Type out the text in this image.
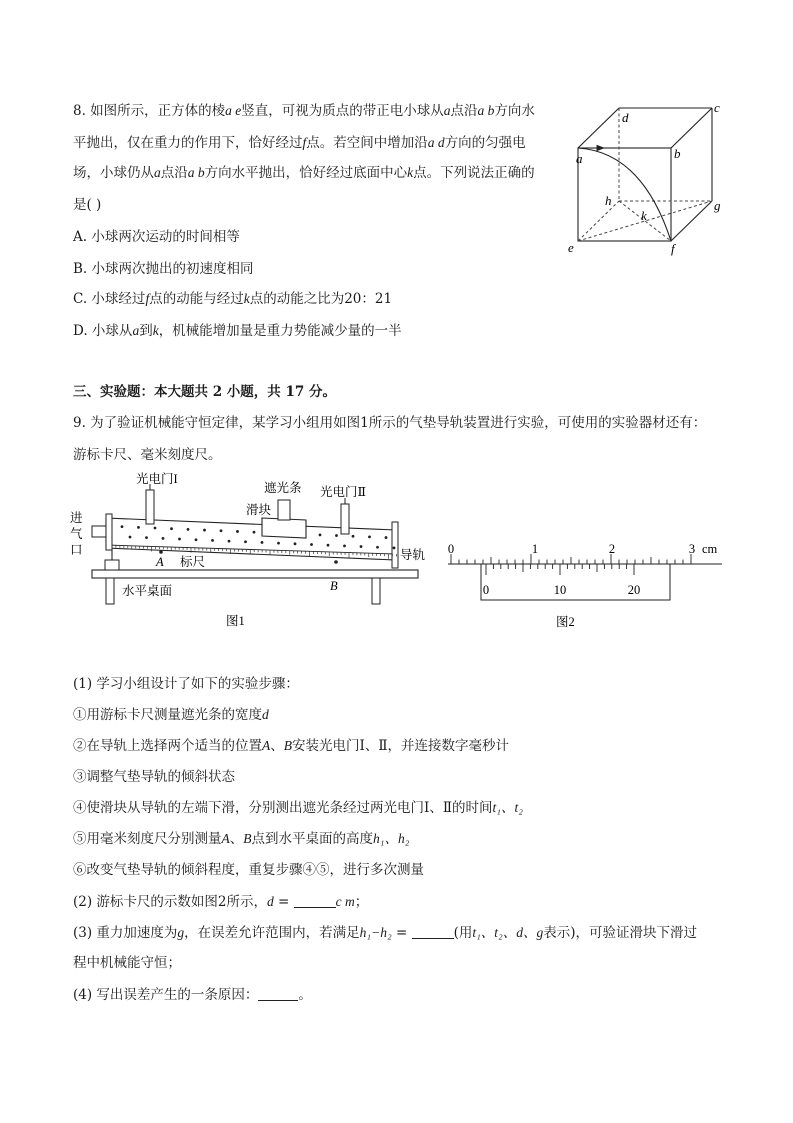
8. 如图所示，正方体的棱a e竖直，可视为质点的带正电小球从a点沿a b方向水
平抛出，仅在重力的作用下，恰好经过f点。若空间中增加沿a d方向的匀强电
场，小球仍从a点沿a b方向水平抛出，恰好经过底面中心k点。下列说法正确的
是( )
A. 小球两次运动的时间相等
B. 小球两次抛出的初速度相同
C. 小球经过f点的动能与经过k点的动能之比为20：21
D. 小球从a到k，机械能增加量是重力势能减少量的一半
c
d
a	b
h
k
g
e	f
三、实验题：本大题共 2 小题，共 17 分。
9. 为了验证机械能守恒定律，某学习小组用如图1所示的气垫导轨装置进行实验，可使用的实验器材还有：
游标卡尺、毫米刻度尺。
光电门I
遮光条 光电门Ⅱ
滑块
进
气
口
A 标尺
B
导轨
水平桌面
图1
0	1	2	3 cm
0	10	20
图2
(1) 学习小组设计了如下的实验步骤：
①用游标卡尺测量遮光条的宽度d
②在导轨上选择两个适当的位置A、B安装光电门Ⅰ、Ⅱ，并连接数字毫秒计
③调整气垫导轨的倾斜状态
④使滑块从导轨的左端下滑，分别测出遮光条经过两光电门Ⅰ、Ⅱ的时间t₁、t₂
⑤用毫米刻度尺分别测量A、B点到水平桌面的高度h₁、h₂
⑥改变气垫导轨的倾斜程度，重复步骤④⑤，进行多次测量
(2) 游标卡尺的示数如图2所示，d =	c m；
(3) 重力加速度为g，在误差允许范围内，若满足h₁−h₂ =	(用t₁、t₂、d、g表示)，可验证滑块下滑过
程中机械能守恒；
(4) 写出误差产生的一条原因：	。
